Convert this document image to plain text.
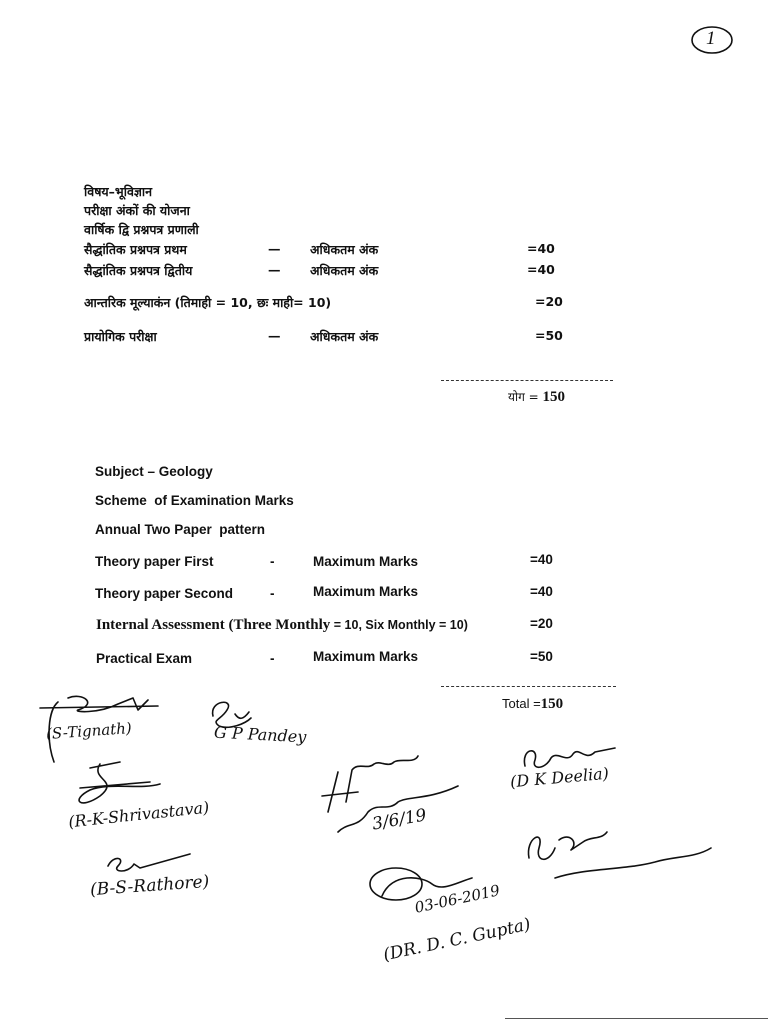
1
विषय–भूविज्ञान
परीक्षा अंकों की योजना
वार्षिक द्वि प्रश्नपत्र प्रणाली
सैद्धांतिक प्रश्नपत्र प्रथम	— अधिकतम अंक	=40
सैद्धांतिक प्रश्नपत्र द्वितीय	— अधिकतम अंक	=40
आन्तरिक मूल्याकंन (तिमाही = 10, छः माही= 10)	=20
प्रायोगिक परीक्षा	— अधिकतम अंक	=50
योग = 150
Subject – Geology
Scheme  of Examination Marks
Annual Two Paper  pattern
Theory paper First	-	Maximum Marks	=40
Theory paper Second	-	Maximum Marks	=40
Internal Assessment (Three Monthly = 10, Six Monthly = 10)	=20
Practical Exam	-	Maximum Marks	=50
Total =150
(S-Tignath)	G P Pandey
(R-K-Shrivastava)
(B-S-Rathore)
3/6/19
(D K Deelia)
03-06-2019
(DR. D. C. Gupta)
